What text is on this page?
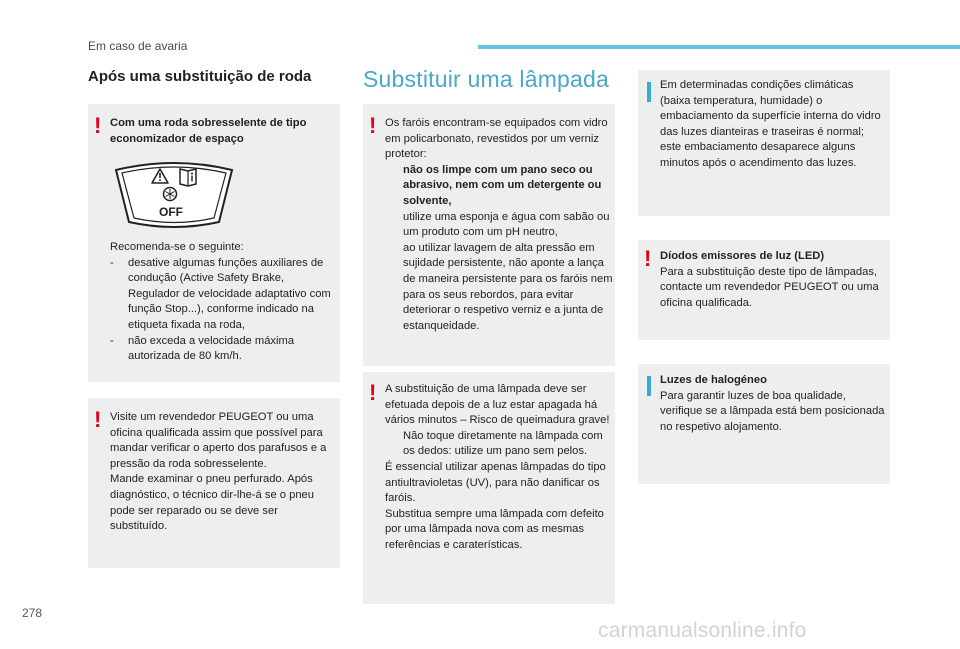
Em caso de avaria
Após uma substituição de roda
! Com uma roda sobresselente de tipo economizador de espaço
OFF

Recomenda-se o seguinte:

- desative algumas funções auxiliares de condução (Active Safety Brake, Regulador de velocidade adaptativo com função Stop...), conforme indicado na etiqueta fixada na roda,
- não exceda a velocidade máxima autorizada de 80 km/h.
! Visite um revendedor PEUGEOT ou uma oficina qualificada assim que possível para mandar verificar o aperto dos parafusos e a pressão da roda sobresselente.

Mande examinar o pneu perfurado. Após diagnóstico, o técnico dir-lhe-á se o pneu pode ser reparado ou se deve ser substituído.

Substituir uma lâmpada
! Os faróis encontram-se equipados com vidro em policarbonato, revestidos por um verniz protetor:

não os limpe com um pano seco ou abrasivo, nem com um detergente ou solvente,
utilize uma esponja e água com sabão ou um produto com um pH neutro,
ao utilizar lavagem de alta pressão em sujidade persistente, não aponte a lança de maneira persistente para os faróis nem para os seus rebordos, para evitar deteriorar o respetivo verniz e a junta de estanqueidade.
! A substituição de uma lâmpada deve ser efetuada depois de a luz estar apagada há vários minutos – Risco de queimadura grave!

Não toque diretamente na lâmpada com os dedos: utilize um pano sem pelos.

É essencial utilizar apenas lâmpadas do tipo antiultravioletas (UV), para não danificar os faróis.

Substitua sempre uma lâmpada com defeito por uma lâmpada nova com as mesmas referências e caraterísticas.

Em determinadas condições climáticas (baixa temperatura, humidade) o embaciamento da superfície interna do vidro das luzes dianteiras e traseiras é normal; este embaciamento desaparece alguns minutos após o acendimento das luzes.
! Díodos emissores de luz (LED)

Para a substituição deste tipo de lâmpadas, contacte um revendedor PEUGEOT ou uma oficina qualificada.

Luzes de halogéneo

Para garantir luzes de boa qualidade, verifique se a lâmpada está bem posicionada no respetivo alojamento.

278
carmanualsonline.info
